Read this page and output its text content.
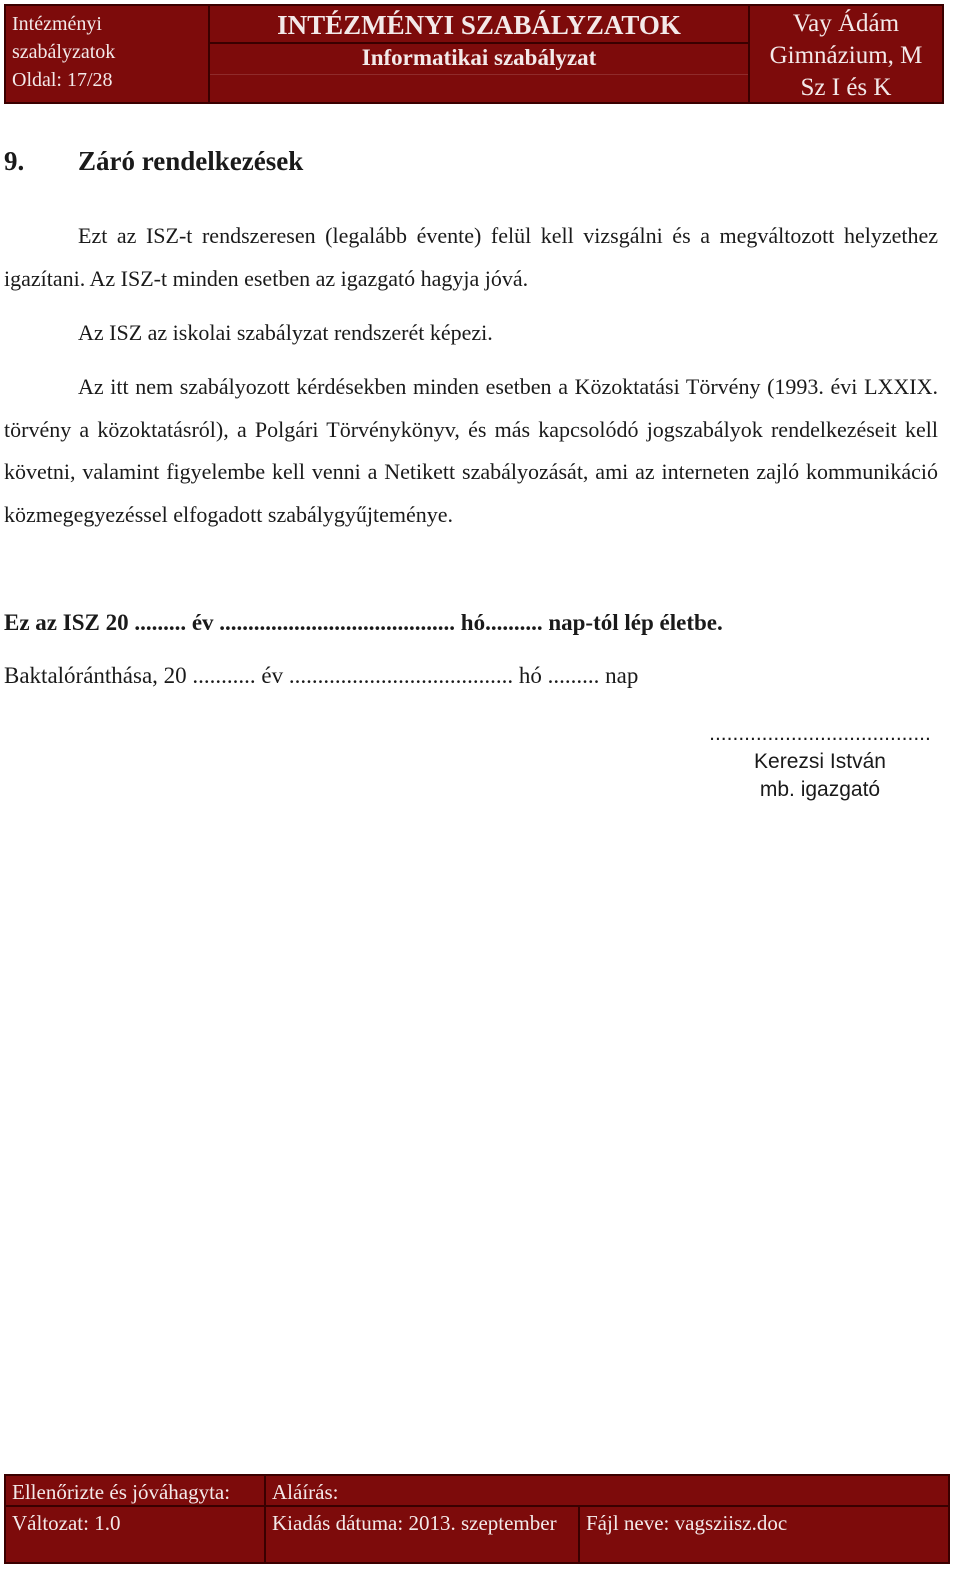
Intézményi
szabályzatok
Oldal: 17/28
INTÉZMÉNYI SZABÁLYZATOK
Informatikai szabályzat
Vay Ádám
Gimnázium, M
Sz I és K
9. Záró rendelkezések
Ezt az ISZ-t rendszeresen (legalább évente) felül kell vizsgálni és a megváltozott helyzethez igazítani. Az ISZ-t minden esetben az igazgató hagyja jóvá.
Az ISZ az iskolai szabályzat rendszerét képezi.
Az itt nem szabályozott kérdésekben minden esetben a Közoktatási Törvény (1993. évi LXXIX. törvény a közoktatásról), a Polgári Törvénykönyv, és más kapcsolódó jogszabályok rendelkezéseit kell követni, valamint figyelembe kell venni a Netikett szabályozását, ami az interneten zajló kommunikáció közmegegyezéssel elfogadott szabálygyűjteménye.
Ez az ISZ 20 ......... év ......................................... hó.......... nap-tól lép életbe.
Baktalóránthása, 20 ........... év ....................................... hó ......... nap
......................................
Kerezsi István
mb. igazgató
Ellenőrizte és jóváhagyta:	Aláírás:
Változat: 1.0	Kiadás dátuma: 2013. szeptember	Fájl neve: vagsziisz.doc
